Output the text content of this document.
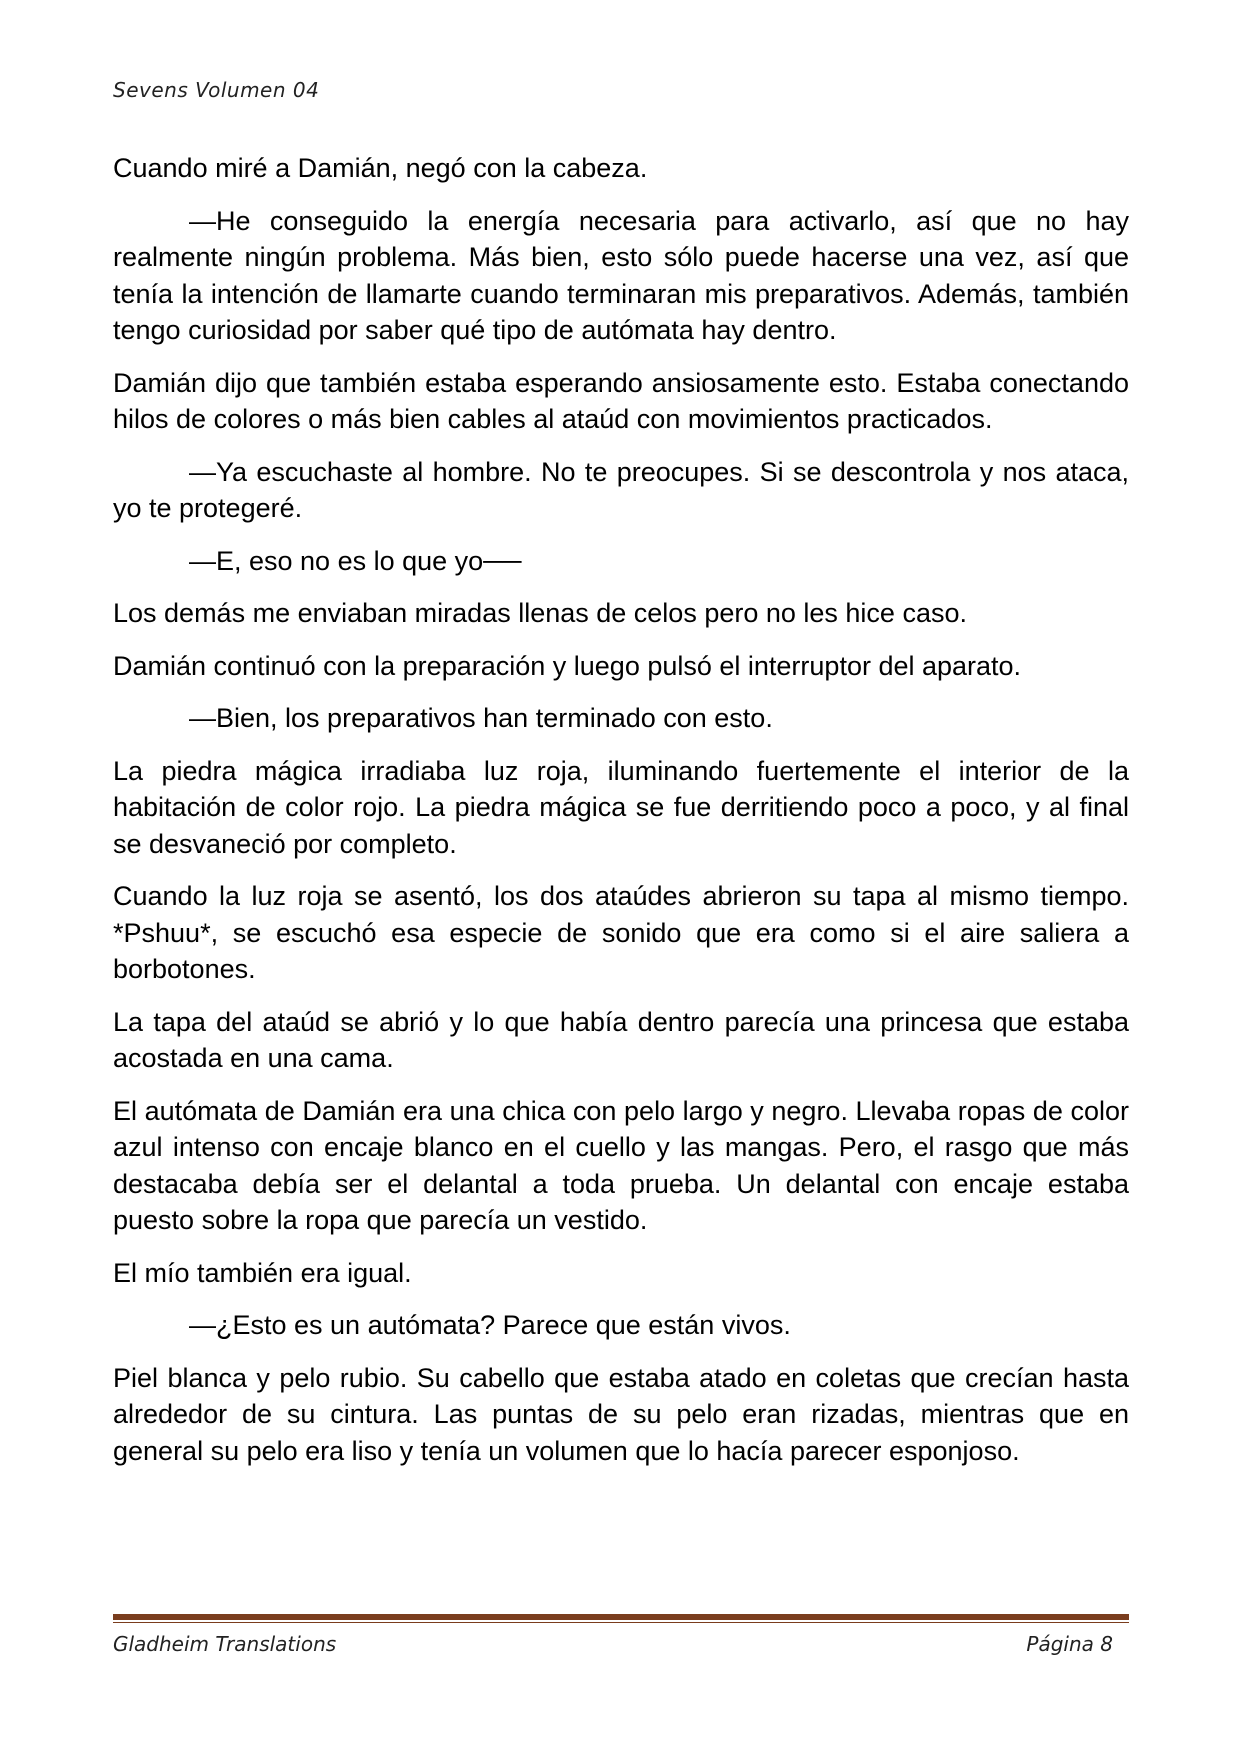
Sevens Volumen 04

Cuando miré a Damián, negó con la cabeza.

—He conseguido la energía necesaria para activarlo, así que no hay realmente ningún problema. Más bien, esto sólo puede hacerse una vez, así que tenía la intención de llamarte cuando terminaran mis preparativos. Además, también tengo curiosidad por saber qué tipo de autómata hay dentro.

Damián dijo que también estaba esperando ansiosamente esto. Estaba conectando hilos de colores o más bien cables al ataúd con movimientos practicados.

—Ya escuchaste al hombre. No te preocupes. Si se descontrola y nos ataca, yo te protegeré.

—E, eso no es lo que yo──

Los demás me enviaban miradas llenas de celos pero no les hice caso.

Damián continuó con la preparación y luego pulsó el interruptor del aparato.

—Bien, los preparativos han terminado con esto.

La piedra mágica irradiaba luz roja, iluminando fuertemente el interior de la habitación de color rojo. La piedra mágica se fue derritiendo poco a poco, y al final se desvaneció por completo.

Cuando la luz roja se asentó, los dos ataúdes abrieron su tapa al mismo tiempo. *Pshuu*, se escuchó esa especie de sonido que era como si el aire saliera a borbotones.

La tapa del ataúd se abrió y lo que había dentro parecía una princesa que estaba acostada en una cama.

El autómata de Damián era una chica con pelo largo y negro. Llevaba ropas de color azul intenso con encaje blanco en el cuello y las mangas. Pero, el rasgo que más destacaba debía ser el delantal a toda prueba. Un delantal con encaje estaba puesto sobre la ropa que parecía un vestido.

El mío también era igual.

—¿Esto es un autómata? Parece que están vivos.

Piel blanca y pelo rubio. Su cabello que estaba atado en coletas que crecían hasta alrededor de su cintura. Las puntas de su pelo eran rizadas, mientras que en general su pelo era liso y tenía un volumen que lo hacía parecer esponjoso.

Gladheim Translations	Página 8
